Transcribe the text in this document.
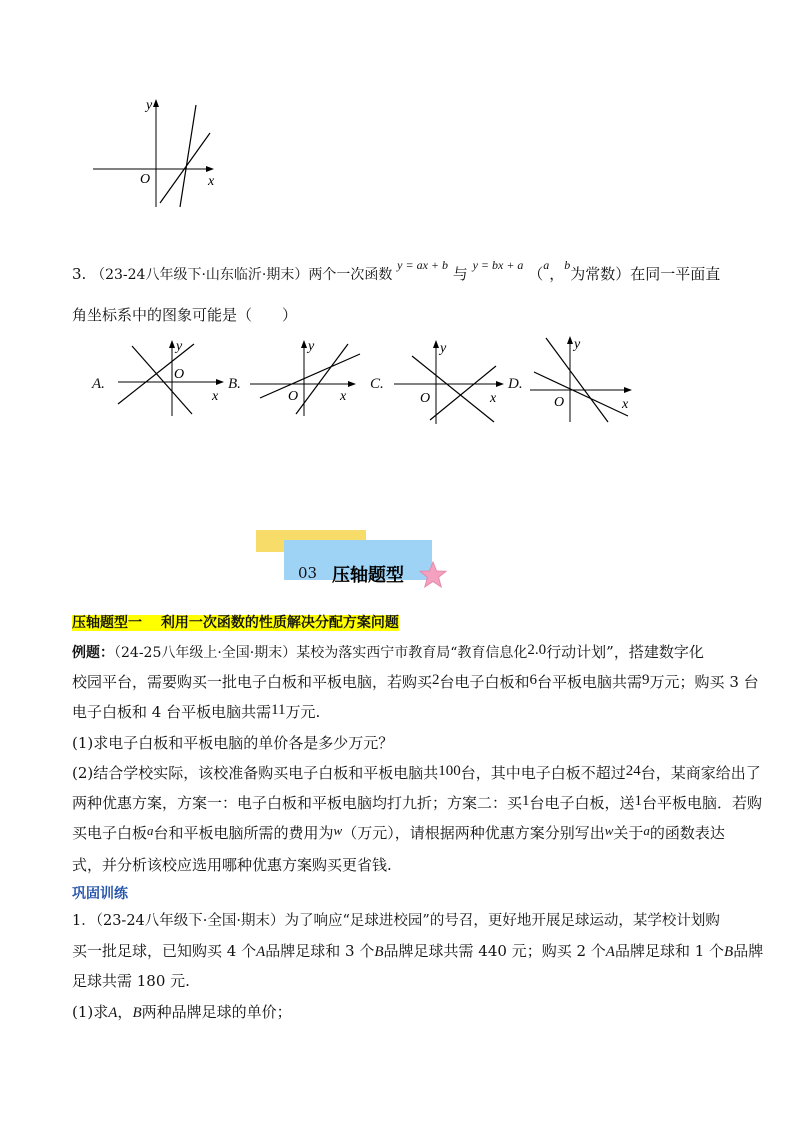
y
x
O
3. （23-24八年级下·山东临沂·期末）两个一次函数 $^{y = ax + b}$ 与 $^{y = bx + a}$ （$^a$，$^b$为常数）在同一平面直
角坐标系中的图象可能是（　　）
A.
y
x
O
B.
y
x
O
C.
y
x
O
D.
y
x
O
03 压轴题型
压轴题型一　 利用一次函数的性质解决分配方案问题
例题：（24-25八年级上·全国·期末）某校为落实西宁市教育局“教育信息化2.0行动计划”，搭建数字化
校园平台，需要购买一批电子白板和平板电脑，若购买2台电子白板和6台平板电脑共需9万元；购买 3 台
电子白板和 4 台平板电脑共需11万元.
(1)求电子白板和平板电脑的单价各是多少万元？
(2)结合学校实际，该校准备购买电子白板和平板电脑共100台，其中电子白板不超过24台，某商家给出了
两种优惠方案，方案一：电子白板和平板电脑均打九折；方案二：买1台电子白板，送1台平板电脑．若购
买电子白板a台和平板电脑所需的费用为w（万元），请根据两种优惠方案分别写出w关于a的函数表达
式，并分析该校应选用哪种优惠方案购买更省钱.
巩固训练
1．（23-24八年级下·全国·期末）为了响应“足球进校园”的号召，更好地开展足球运动，某学校计划购
买一批足球，已知购买 4 个A品牌足球和 3 个B品牌足球共需 440 元；购买 2 个A品牌足球和 1 个B品牌
足球共需 180 元.
(1)求A，B两种品牌足球的单价；
